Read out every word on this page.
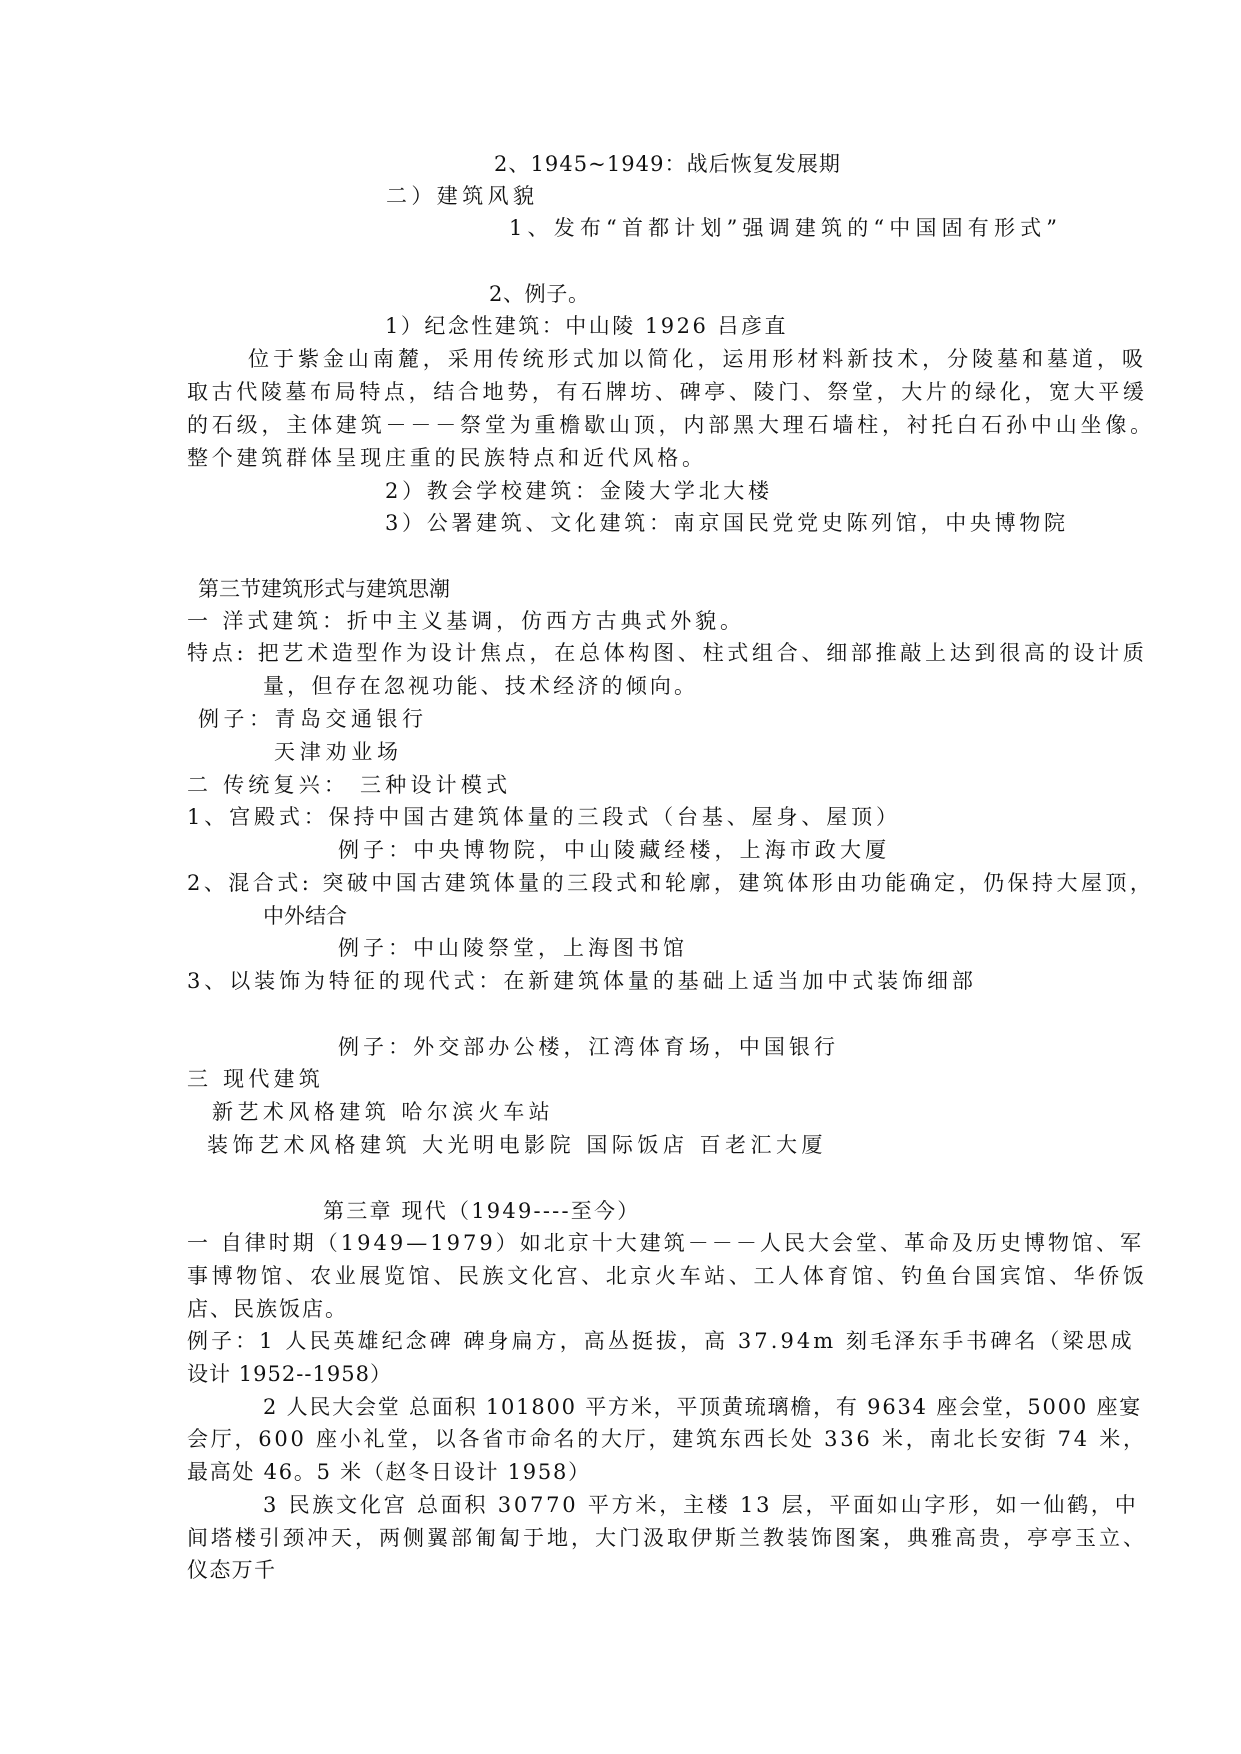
2、1945~1949：战后恢复发展期
二）建筑风貌
1、发布“首都计划”强调建筑的“中国固有形式”
2、例子。
1）纪念性建筑：中山陵 1926 吕彦直
位于紫金山南麓，采用传统形式加以简化，运用形材料新技术，分陵墓和墓道，吸
取古代陵墓布局特点，结合地势，有石牌坊、碑亭、陵门、祭堂，大片的绿化，宽大平缓
的石级，主体建筑－－－祭堂为重檐歇山顶，内部黑大理石墙柱，衬托白石孙中山坐像。
整个建筑群体呈现庄重的民族特点和近代风格。
2）教会学校建筑：金陵大学北大楼
3）公署建筑、文化建筑：南京国民党党史陈列馆，中央博物院
第三节建筑形式与建筑思潮
一 洋式建筑：折中主义基调，仿西方古典式外貌。
特点: 把艺术造型作为设计焦点，在总体构图、柱式组合、细部推敲上达到很高的设计质
量，但存在忽视功能、技术经济的倾向。
例子：青岛交通银行
天津劝业场
二 传统复兴： 三种设计模式
1、宫殿式：保持中国古建筑体量的三段式（台基、屋身、屋顶）
例子：中央博物院，中山陵藏经楼，上海市政大厦
2、混合式: 突破中国古建筑体量的三段式和轮廓，建筑体形由功能确定，仍保持大屋顶，
中外结合
例子：中山陵祭堂，上海图书馆
3、以装饰为特征的现代式：在新建筑体量的基础上适当加中式装饰细部
例子：外交部办公楼，江湾体育场，中国银行
三 现代建筑
新艺术风格建筑 哈尔滨火车站
装饰艺术风格建筑 大光明电影院 国际饭店 百老汇大厦
第三章 现代（1949----至今）
一 自律时期（1949—1979）如北京十大建筑－－－人民大会堂、革命及历史博物馆、军
事博物馆、农业展览馆、民族文化宫、北京火车站、工人体育馆、钓鱼台国宾馆、华侨饭
店、民族饭店。
例子：1 人民英雄纪念碑 碑身扁方，高丛挺拔，高 37.94m 刻毛泽东手书碑名（梁思成
设计 1952--1958）
2 人民大会堂 总面积 101800 平方米，平顶黄琉璃檐，有 9634 座会堂，5000 座宴
会厅，600 座小礼堂，以各省市命名的大厅，建筑东西长处 336 米，南北长安街 74 米，
最高处 46。5 米（赵冬日设计 1958）
3 民族文化宫 总面积 30770 平方米，主楼 13 层，平面如山字形，如一仙鹤，中
间塔楼引颈冲天，两侧翼部匍匐于地，大门汲取伊斯兰教装饰图案，典雅高贵，亭亭玉立、
仪态万千
